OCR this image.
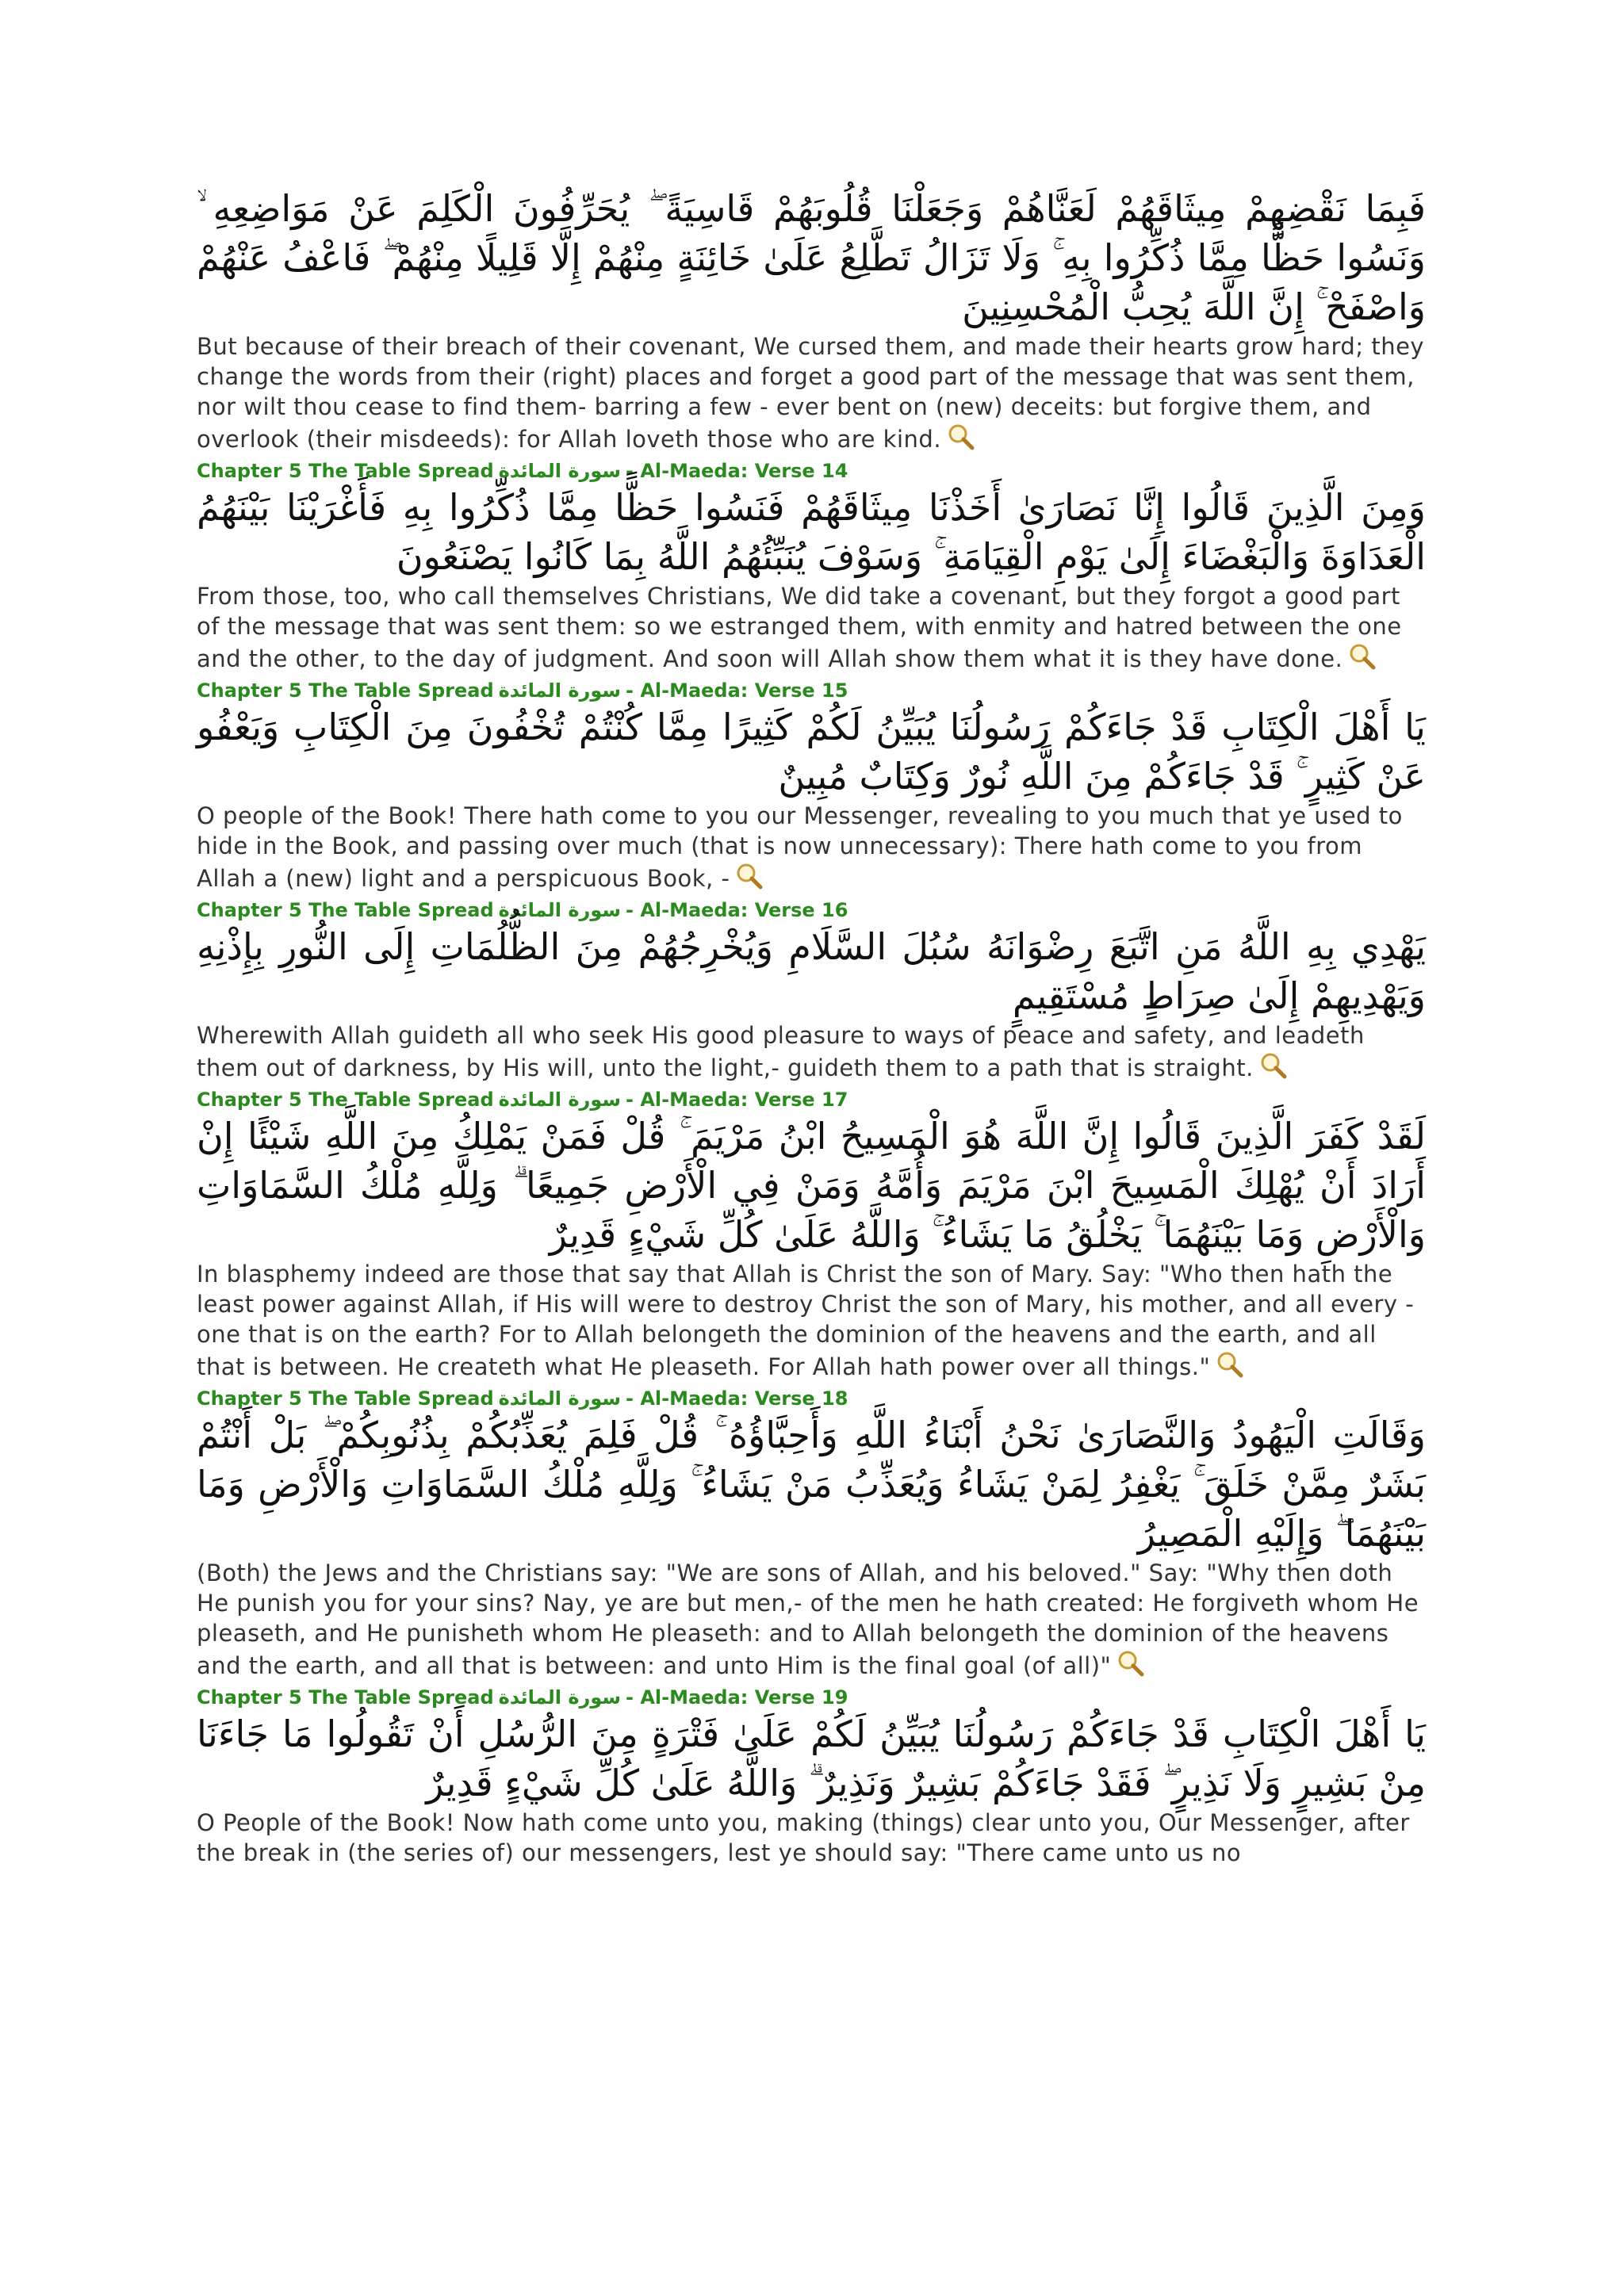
فَبِمَا نَقْضِهِمْ مِيثَاقَهُمْ لَعَنَّاهُمْ وَجَعَلْنَا قُلُوبَهُمْ قَاسِيَةً ۖ يُحَرِّفُونَ الْكَلِمَ عَنْ مَوَاضِعِهِ ۙ وَنَسُوا حَظًّا مِمَّا ذُكِّرُوا بِهِ ۚ وَلَا تَزَالُ تَطَّلِعُ عَلَىٰ خَائِنَةٍ مِنْهُمْ إِلَّا قَلِيلًا مِنْهُمْ ۖ فَاعْفُ عَنْهُمْ وَاصْفَحْ ۚ إِنَّ اللَّهَ يُحِبُّ الْمُحْسِنِينَ
But because of their breach of their covenant, We cursed them, and made their hearts grow hard; they change the words from their (right) places and forget a good part of the message that was sent them, nor wilt thou cease to find them- barring a few - ever bent on (new) deceits: but forgive them, and overlook (their misdeeds): for Allah loveth those who are kind.
Chapter 5 The Table Spread سورة المائدة - Al-Maeda: Verse 14
وَمِنَ الَّذِينَ قَالُوا إِنَّا نَصَارَىٰ أَخَذْنَا مِيثَاقَهُمْ فَنَسُوا حَظًّا مِمَّا ذُكِّرُوا بِهِ فَأَغْرَيْنَا بَيْنَهُمُ الْعَدَاوَةَ وَالْبَغْضَاءَ إِلَىٰ يَوْمِ الْقِيَامَةِ ۚ وَسَوْفَ يُنَبِّئُهُمُ اللَّهُ بِمَا كَانُوا يَصْنَعُونَ
From those, too, who call themselves Christians, We did take a covenant, but they forgot a good part of the message that was sent them: so we estranged them, with enmity and hatred between the one and the other, to the day of judgment. And soon will Allah show them what it is they have done.
Chapter 5 The Table Spread سورة المائدة - Al-Maeda: Verse 15
يَا أَهْلَ الْكِتَابِ قَدْ جَاءَكُمْ رَسُولُنَا يُبَيِّنُ لَكُمْ كَثِيرًا مِمَّا كُنْتُمْ تُخْفُونَ مِنَ الْكِتَابِ وَيَعْفُو عَنْ كَثِيرٍ ۚ قَدْ جَاءَكُمْ مِنَ اللَّهِ نُورٌ وَكِتَابٌ مُبِينٌ
O people of the Book! There hath come to you our Messenger, revealing to you much that ye used to hide in the Book, and passing over much (that is now unnecessary): There hath come to you from Allah a (new) light and a perspicuous Book, -
Chapter 5 The Table Spread سورة المائدة - Al-Maeda: Verse 16
يَهْدِي بِهِ اللَّهُ مَنِ اتَّبَعَ رِضْوَانَهُ سُبُلَ السَّلَامِ وَيُخْرِجُهُمْ مِنَ الظُّلُمَاتِ إِلَى النُّورِ بِإِذْنِهِ وَيَهْدِيهِمْ إِلَىٰ صِرَاطٍ مُسْتَقِيمٍ
Wherewith Allah guideth all who seek His good pleasure to ways of peace and safety, and leadeth them out of darkness, by His will, unto the light,- guideth them to a path that is straight.
Chapter 5 The Table Spread سورة المائدة - Al-Maeda: Verse 17
لَقَدْ كَفَرَ الَّذِينَ قَالُوا إِنَّ اللَّهَ هُوَ الْمَسِيحُ ابْنُ مَرْيَمَ ۚ قُلْ فَمَنْ يَمْلِكُ مِنَ اللَّهِ شَيْئًا إِنْ أَرَادَ أَنْ يُهْلِكَ الْمَسِيحَ ابْنَ مَرْيَمَ وَأُمَّهُ وَمَنْ فِي الْأَرْضِ جَمِيعًا ۗ وَلِلَّهِ مُلْكُ السَّمَاوَاتِ وَالْأَرْضِ وَمَا بَيْنَهُمَا ۚ يَخْلُقُ مَا يَشَاءُ ۚ وَاللَّهُ عَلَىٰ كُلِّ شَيْءٍ قَدِيرٌ
In blasphemy indeed are those that say that Allah is Christ the son of Mary. Say: "Who then hath the least power against Allah, if His will were to destroy Christ the son of Mary, his mother, and all every - one that is on the earth? For to Allah belongeth the dominion of the heavens and the earth, and all that is between. He createth what He pleaseth. For Allah hath power over all things."
Chapter 5 The Table Spread سورة المائدة - Al-Maeda: Verse 18
وَقَالَتِ الْيَهُودُ وَالنَّصَارَىٰ نَحْنُ أَبْنَاءُ اللَّهِ وَأَحِبَّاؤُهُ ۚ قُلْ فَلِمَ يُعَذِّبُكُمْ بِذُنُوبِكُمْ ۖ بَلْ أَنْتُمْ بَشَرٌ مِمَّنْ خَلَقَ ۚ يَغْفِرُ لِمَنْ يَشَاءُ وَيُعَذِّبُ مَنْ يَشَاءُ ۚ وَلِلَّهِ مُلْكُ السَّمَاوَاتِ وَالْأَرْضِ وَمَا بَيْنَهُمَا ۖ وَإِلَيْهِ الْمَصِيرُ
(Both) the Jews and the Christians say: "We are sons of Allah, and his beloved." Say: "Why then doth He punish you for your sins? Nay, ye are but men,- of the men he hath created: He forgiveth whom He pleaseth, and He punisheth whom He pleaseth: and to Allah belongeth the dominion of the heavens and the earth, and all that is between: and unto Him is the final goal (of all)"
Chapter 5 The Table Spread سورة المائدة - Al-Maeda: Verse 19
يَا أَهْلَ الْكِتَابِ قَدْ جَاءَكُمْ رَسُولُنَا يُبَيِّنُ لَكُمْ عَلَىٰ فَتْرَةٍ مِنَ الرُّسُلِ أَنْ تَقُولُوا مَا جَاءَنَا مِنْ بَشِيرٍ وَلَا نَذِيرٍ ۖ فَقَدْ جَاءَكُمْ بَشِيرٌ وَنَذِيرٌ ۗ وَاللَّهُ عَلَىٰ كُلِّ شَيْءٍ قَدِيرٌ
O People of the Book! Now hath come unto you, making (things) clear unto you, Our Messenger, after the break in (the series of) our messengers, lest ye should say: "There came unto us no
